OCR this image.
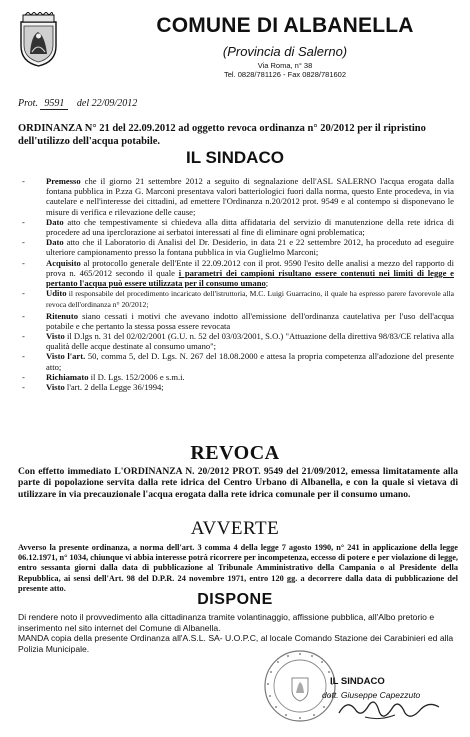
COMUNE DI ALBANELLA
(Provincia di Salerno)
Via Roma, n° 38
Tel. 0828/781126 - Fax 0828/781602
Prot. 9591 del 22/09/2012
ORDINANZA N° 21 del 22.09.2012 ad oggetto revoca ordinanza n° 20/2012 per il ripristino dell'utilizzo dell'acqua potabile.
IL SINDACO
- Premesso che il giorno 21 settembre 2012 a seguito di segnalazione dell'ASL SALERNO l'acqua erogata dalla fontana pubblica in P.zza G. Marconi presentava valori batteriologici fuori dalla norma, questo Ente procedeva, in via cautelare e nell'interesse dei cittadini, ad emettere l'Ordinanza n.20/2012 prot. 9549 e al contempo si disponevano le misure di verifica e rilevazione delle cause;
- Dato atto che tempestivamente si chiedeva alla ditta affidataria del servizio di manutenzione della rete idrica di procedere ad una iperclorazione ai serbatoi interessati al fine di eliminare ogni problematica;
- Dato atto che il Laboratorio di Analisi del Dr. Desiderio, in data 21 e 22 settembre 2012, ha proceduto ad eseguire ulteriore campionamento presso la fontana pubblica in via Guglielmo Marconi;
- Acquisito al protocollo generale dell'Ente il 22.09.2012 con il prot. 9590 l'esito delle analisi a mezzo del rapporto di prova n. 465/2012 secondo il quale i parametri dei campioni risultano essere contenuti nei limiti di legge e pertanto l'acqua può essere utilizzata per il consumo umano;
- Udito il responsabile del procedimento incaricato dell'istruttoria, M.C. Luigi Guarracino, il quale ha espresso parere favorevole alla revoca dell'ordinanza n° 20/2012;
- Ritenuto siano cessati i motivi che avevano indotto all'emissione dell'ordinanza cautelativa per l'uso dell'acqua potabile e che pertanto la stessa possa essere revocata
- Visto il D.lgs n. 31 del 02/02/2001 (G.U. n. 52 del 03/03/2001, S.O.) "Attuazione della direttiva 98/83/CE relativa alla qualità delle acque destinate al consumo umano";
- Visto l'art. 50, comma 5, del D. Lgs. N. 267 del 18.08.2000 e attesa la propria competenza all'adozione del presente atto;
- Richiamato il D. Lgs. 152/2006 e s.m.i.
- Visto l'art. 2 della Legge 36/1994;
REVOCA
Con effetto immediato L'ORDINANZA N. 20/2012 PROT. 9549 del 21/09/2012, emessa limitatamente alla parte di popolazione servita dalla rete idrica del Centro Urbano di Albanella, e con la quale si vietava di utilizzare in via precauzionale l'acqua erogata dalla rete idrica comunale per il consumo umano.
AVVERTE
Avverso la presente ordinanza, a norma dell'art. 3 comma 4 della legge 7 agosto 1990, n° 241 in applicazione della legge 06.12.1971, n° 1034, chiunque vi abbia interesse potrà ricorrere per incompetenza, eccesso di potere e per violazione di legge, entro sessanta giorni dalla data di pubblicazione al Tribunale Amministrativo della Campania o al Presidente della Repubblica, ai sensi dell'Art. 98 del D.P.R. 24 novembre 1971, entro 120 gg. a decorrere dalla data di pubblicazione del presente atto.
DISPONE
Di rendere noto il provvedimento alla cittadinanza tramite volantinaggio, affissione pubblica, all'Albo pretorio e inserimento nel sito internet del Comune di Albanella.
MANDA copia della presente Ordinanza all'A.S.L. SA- U.O.P.C, al locale Comando Stazione dei Carabinieri ed alla Polizia Municipale.
IL SINDACO
dott. Giuseppe Capezzuto
